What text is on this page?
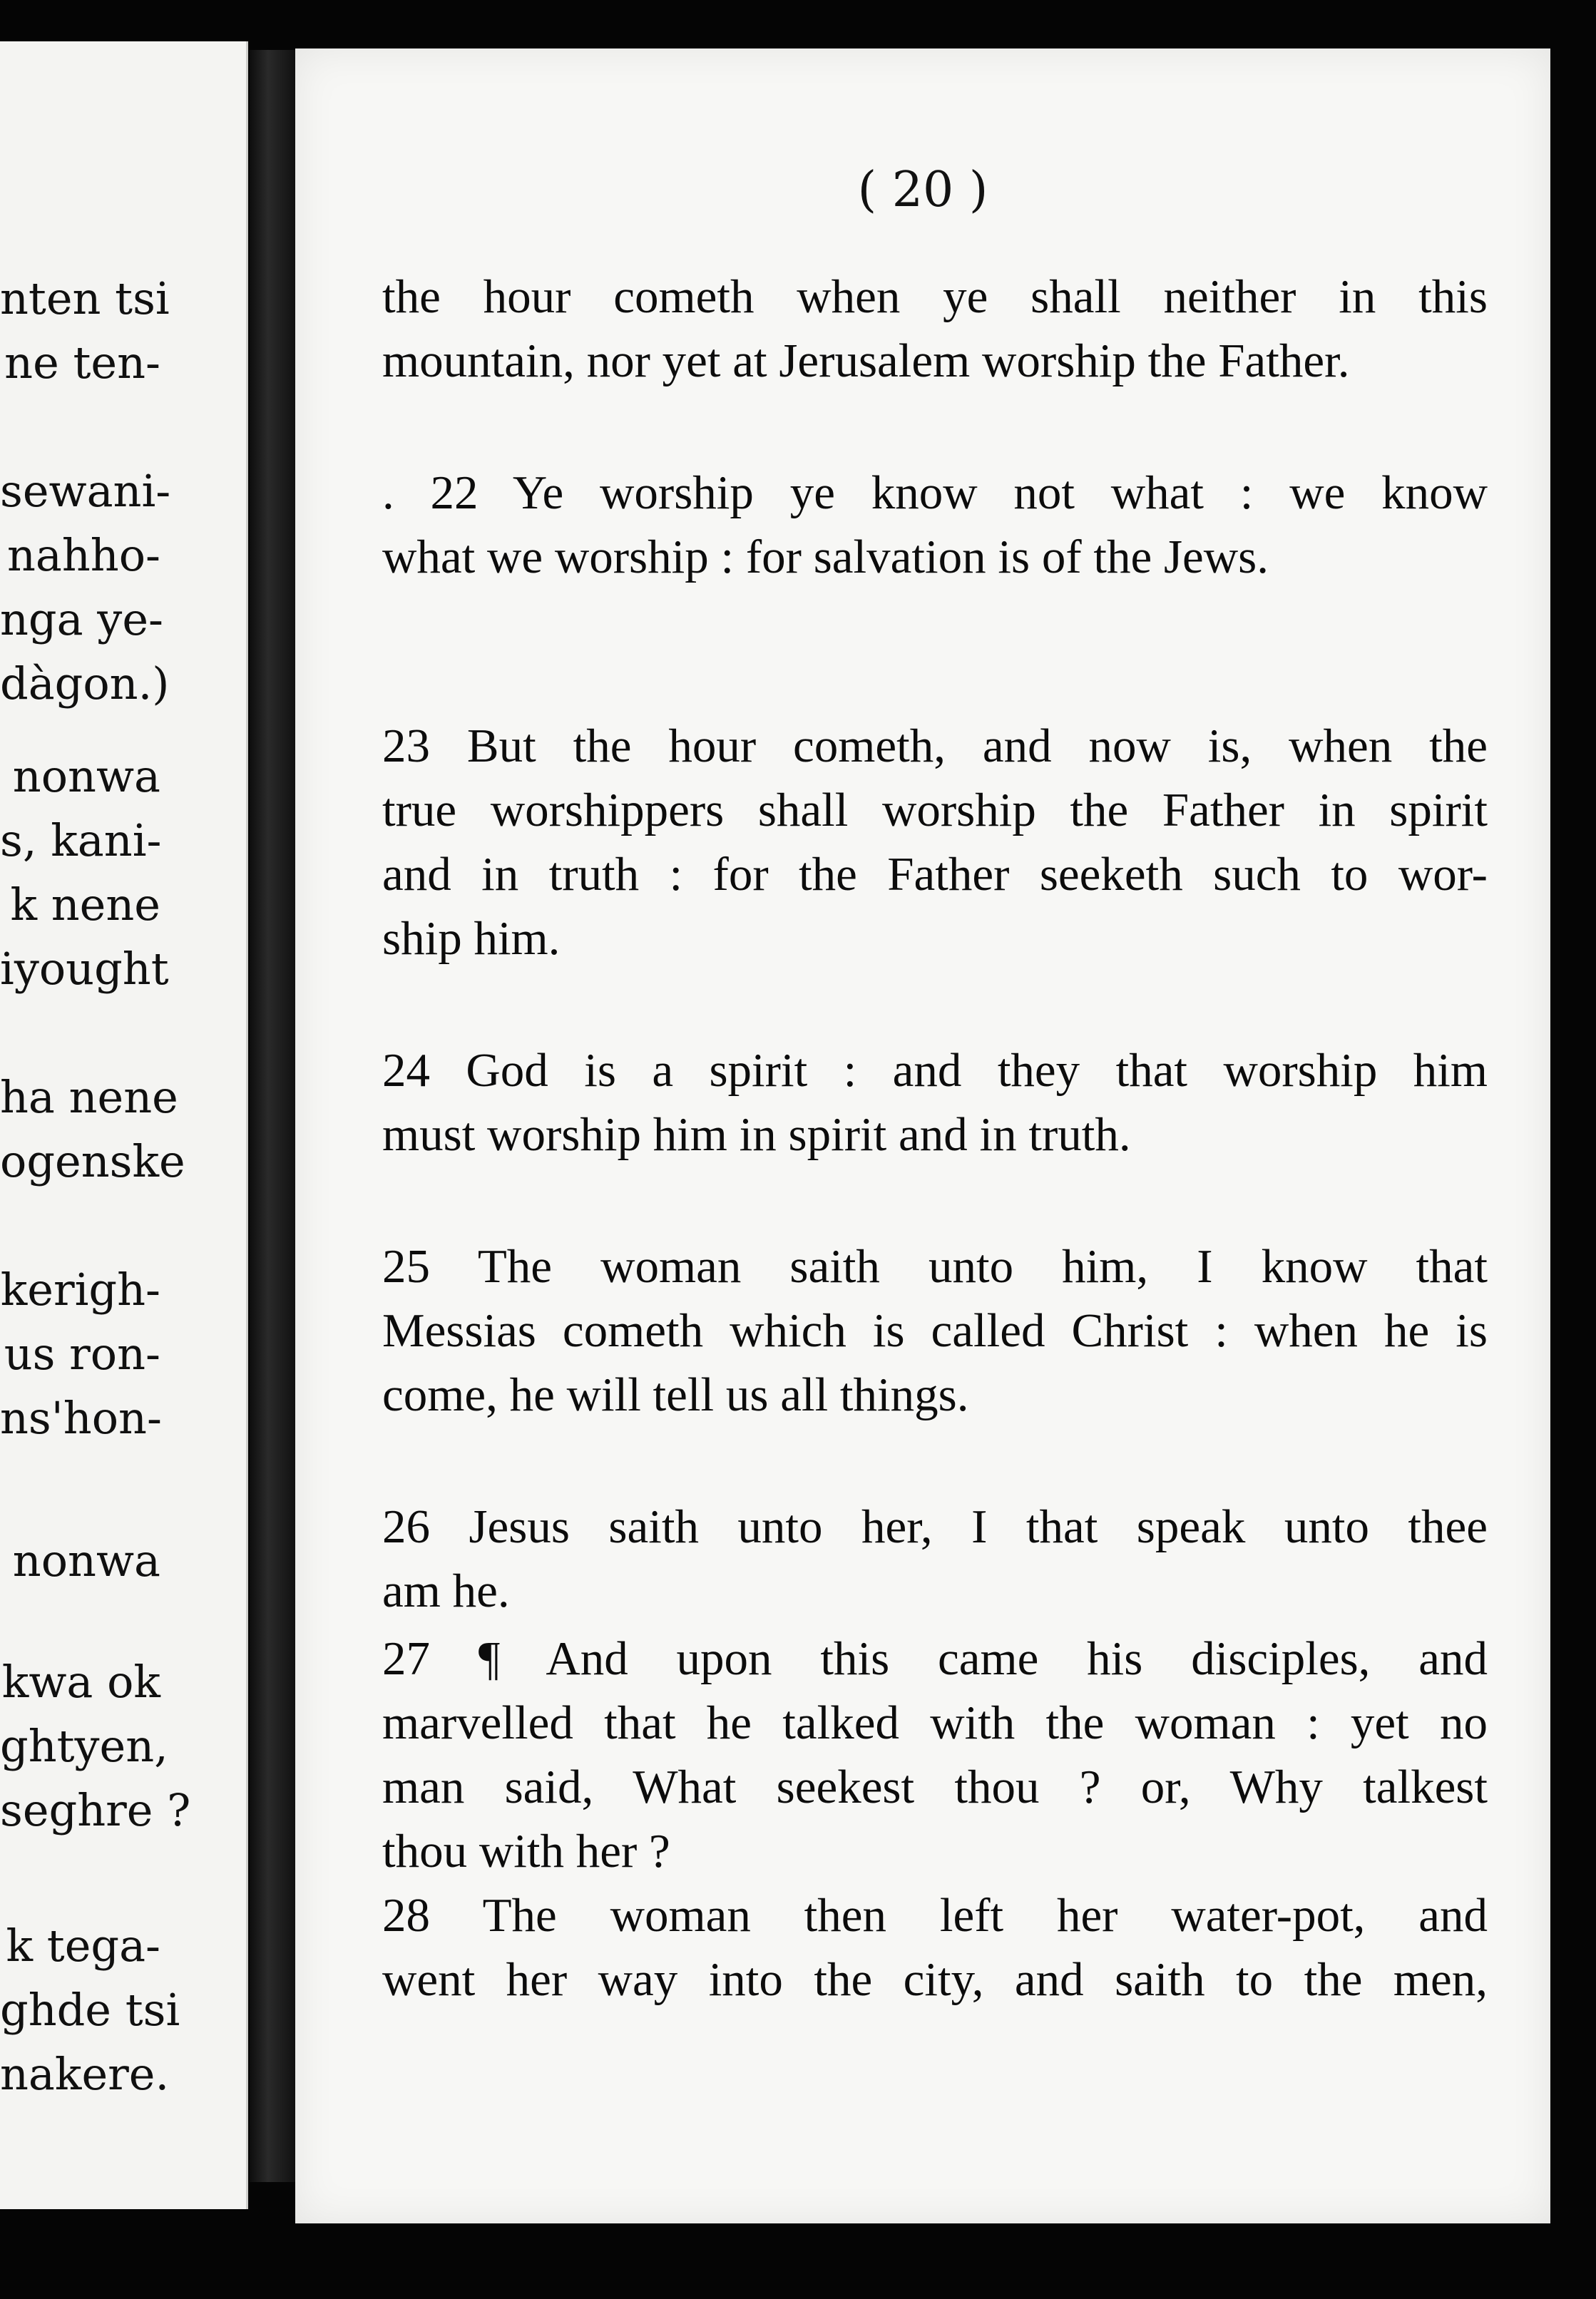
nten tsi
ne ten-
sewani-
nahho-
nga ye-
dàgon.)
nonwa
s, kani-
k nene
iyought
ha nene
ogenske
kerigh-
us ron-
ns'hon-
nonwa
kwa ok
ghtyen,
seghre ?
k tega-
ghde tsi
nakere.
( 20 )
the hour cometh when ye shall neither in this
mountain, nor yet at Jerusalem worship the Father.
. 22 Ye worship ye know not what : we know
what we worship : for salvation is of the Jews.
23 But the hour cometh, and now is, when the
true worshippers shall worship the Father in spirit
and in truth : for the Father seeketh such to wor-
ship him.
24 God is a spirit : and they that worship him
must worship him in spirit and in truth.
25 The woman saith unto him, I know that
Messias cometh which is called Christ : when he is
come, he will tell us all things.
26 Jesus saith unto her, I that speak unto thee
am he.
27 ¶ And upon this came his disciples, and
marvelled that he talked with the woman : yet no
man said, What seekest thou ? or, Why talkest
thou with her ?
28 The woman then left her water-pot, and
went her way into the city, and saith to the men,
